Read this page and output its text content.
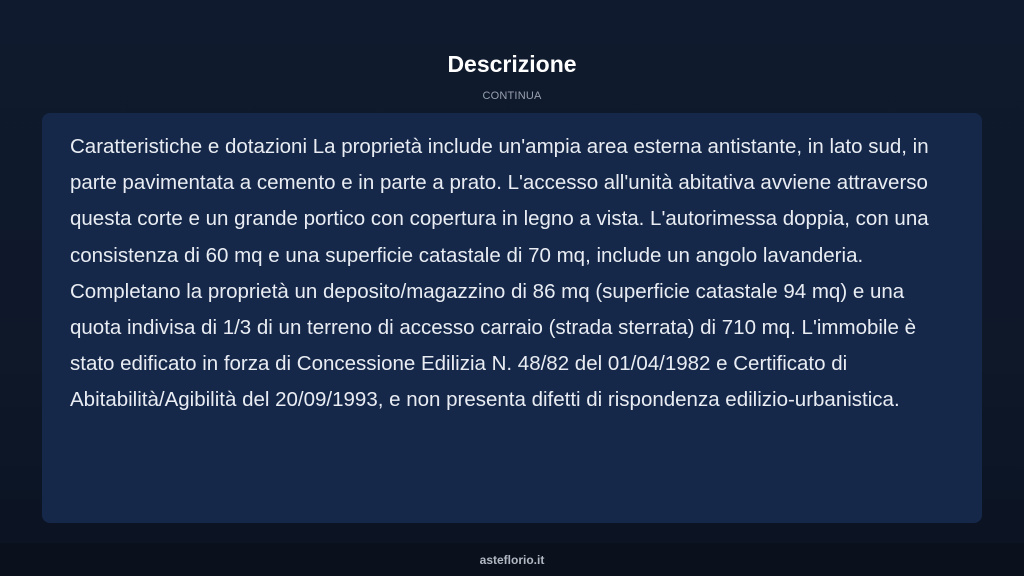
Descrizione
CONTINUA

Caratteristiche e dotazioni La proprietà include un'ampia area esterna antistante, in lato sud, in parte pavimentata a cemento e in parte a prato. L'accesso all'unità abitativa avviene attraverso questa corte e un grande portico con copertura in legno a vista. L'autorimessa doppia, con una consistenza di 60 mq e una superficie catastale di 70 mq, include un angolo lavanderia. Completano la proprietà un deposito/magazzino di 86 mq (superficie catastale 94 mq) e una quota indivisa di 1/3 di un terreno di accesso carraio (strada sterrata) di 710 mq. L'immobile è stato edificato in forza di Concessione Edilizia N. 48/82 del 01/04/1982 e Certificato di Abitabilità/Agibilità del 20/09/1993, e non presenta difetti di rispondenza edilizio-urbanistica.

asteflorio.it
